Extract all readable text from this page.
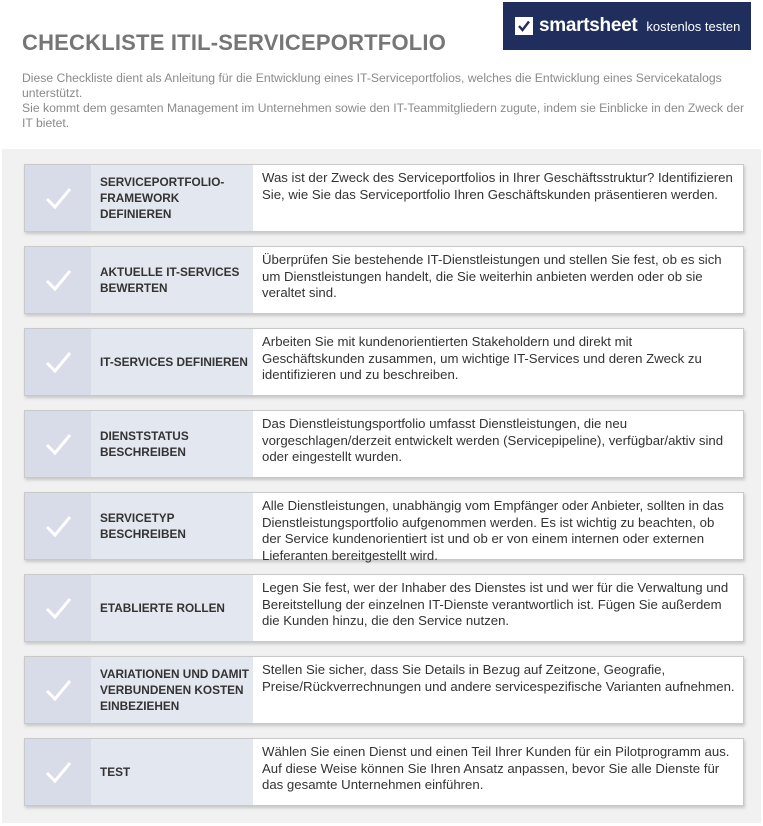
CHECKLISTE ITIL-SERVICEPORTFOLIO
smartsheet kostenlos testen

Diese Checkliste dient als Anleitung für die Entwicklung eines IT-Serviceportfolios, welches die Entwicklung eines Servicekatalogs unterstützt.

Sie kommt dem gesamten Management im Unternehmen sowie den IT-Teammitgliedern zugute, indem sie Einblicke in den Zweck der IT bietet.

SERVICEPORTFOLIO-FRAMEWORK DEFINIEREN
Was ist der Zweck des Serviceportfolios in Ihrer Geschäftsstruktur? Identifizieren Sie, wie Sie das Serviceportfolio Ihren Geschäftskunden präsentieren werden.
AKTUELLE IT-SERVICES BEWERTEN
Überprüfen Sie bestehende IT-Dienstleistungen und stellen Sie fest, ob es sich um Dienstleistungen handelt, die Sie weiterhin anbieten werden oder ob sie veraltet sind.
IT-SERVICES DEFINIEREN
Arbeiten Sie mit kundenorientierten Stakeholdern und direkt mit Geschäftskunden zusammen, um wichtige IT-Services und deren Zweck zu identifizieren und zu beschreiben.
DIENSTSTATUS BESCHREIBEN
Das Dienstleistungsportfolio umfasst Dienstleistungen, die neu vorgeschlagen/derzeit entwickelt werden (Servicepipeline), verfügbar/aktiv sind oder eingestellt wurden.
SERVICETYP BESCHREIBEN
Alle Dienstleistungen, unabhängig vom Empfänger oder Anbieter, sollten in das Dienstleistungsportfolio aufgenommen werden. Es ist wichtig zu beachten, ob der Service kundenorientiert ist und ob er von einem internen oder externen Lieferanten bereitgestellt wird.
ETABLIERTE ROLLEN
Legen Sie fest, wer der Inhaber des Dienstes ist und wer für die Verwaltung und Bereitstellung der einzelnen IT-Dienste verantwortlich ist. Fügen Sie außerdem die Kunden hinzu, die den Service nutzen.
VARIATIONEN UND DAMIT VERBUNDENEN KOSTEN EINBEZIEHEN
Stellen Sie sicher, dass Sie Details in Bezug auf Zeitzone, Geografie, Preise/Rückverrechnungen und andere servicespezifische Varianten aufnehmen.
TEST
Wählen Sie einen Dienst und einen Teil Ihrer Kunden für ein Pilotprogramm aus. Auf diese Weise können Sie Ihren Ansatz anpassen, bevor Sie alle Dienste für das gesamte Unternehmen einführen.
